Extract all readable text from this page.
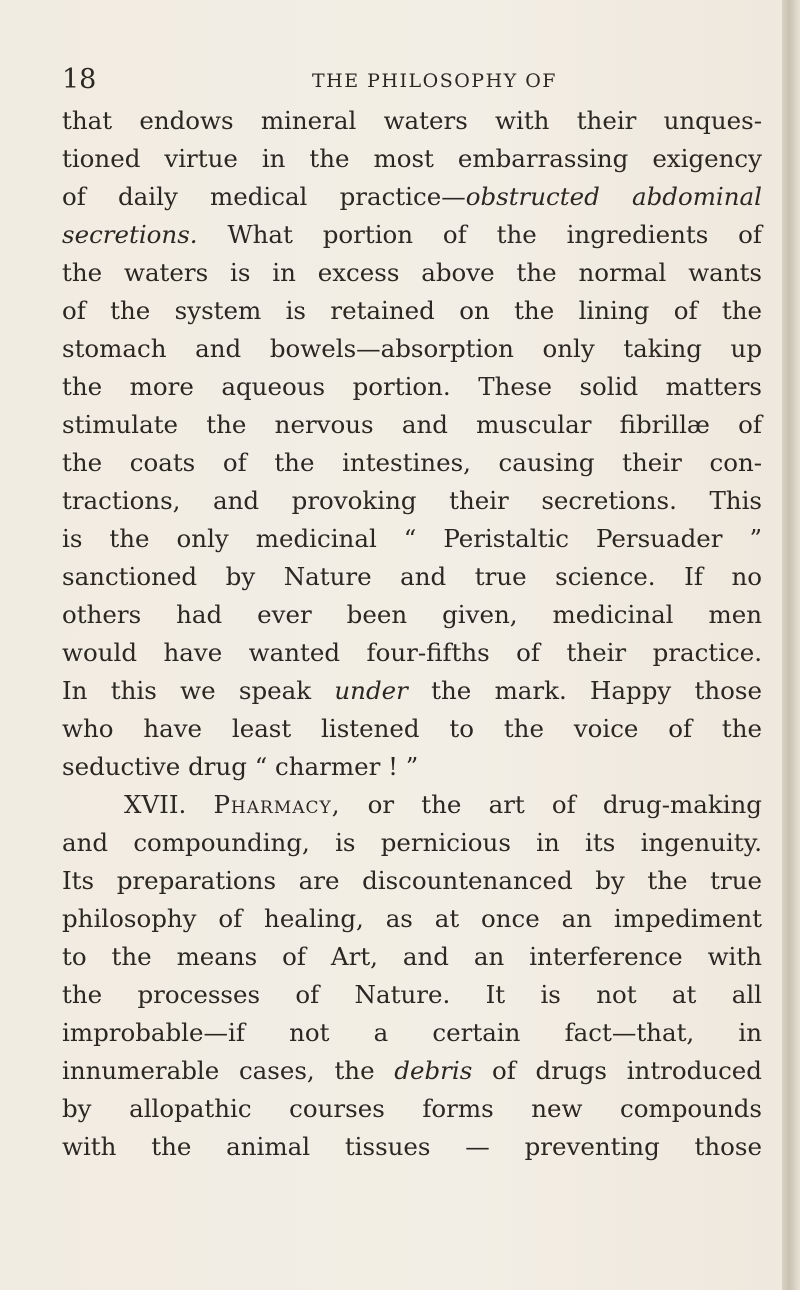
18	THE PHILOSOPHY OF
that endows mineral waters with their unques-
tioned virtue in the most embarrassing exigency
of daily medical practice—obstructed abdominal
secretions. What portion of the ingredients of
the waters is in excess above the normal wants
of the system is retained on the lining of the
stomach and bowels—absorption only taking up
the more aqueous portion. These solid matters
stimulate the nervous and muscular fibrillæ of
the coats of the intestines, causing their con-
tractions, and provoking their secretions. This
is the only medicinal “ Peristaltic Persuader ”
sanctioned by Nature and true science. If no
others had ever been given, medicinal men
would have wanted four-fifths of their practice.
In this we speak under the mark. Happy those
who have least listened to the voice of the
seductive drug “ charmer ! ”
XVII. Pharmacy, or the art of drug-making
and compounding, is pernicious in its ingenuity.
Its preparations are discountenanced by the true
philosophy of healing, as at once an impediment
to the means of Art, and an interference with
the processes of Nature. It is not at all
improbable—if not a certain fact—that, in
innumerable cases, the debris of drugs introduced
by allopathic courses forms new compounds
with the animal tissues — preventing those
